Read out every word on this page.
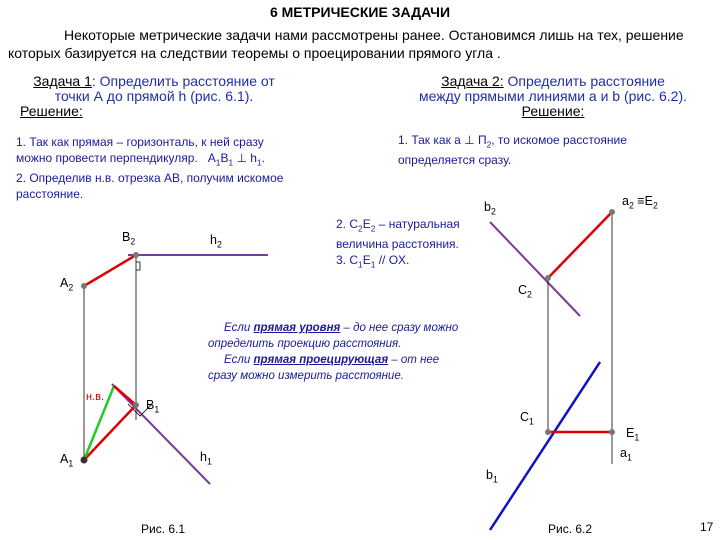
6 МЕТРИЧЕСКИЕ ЗАДАЧИ
Некоторые метрические задачи нами рассмотрены ранее. Остановимся лишь на тех, решение которых базируется на следствии теоремы о проецировании прямого угла .
Задача 1: Определить расстояние от
точки А до прямой h (рис. 6.1).
Решение:
Задача 2: Определить расстояние
между прямыми линиями a и b (рис. 6.2).
Решение:
1. Так как прямая – горизонталь, к ней сразу
можно провести перпендикуляр. $A_1B_1$ ⊥ $h_1$.
2. Определив н.в. отрезка АВ, получим искомое
расстояние.
1. Так как a ⊥ $П_2$, то искомое расстояние
определяется сразу.
2. $C_2E_2$ – натуральная
величина расстояния.
3. $C_1E_1$ // OX.
Если прямая уровня – до нее сразу можно
определить проекцию расстояния.
Если прямая проецирующая – от нее
сразу можно измерить расстояние.
$B_2$	$h_2$
$A_2$
н.в.
$B_1$
$A_1$	$h_1$
Рис. 6.1
$b_2$
$a_2 \equiv E_2$
$C_2$
$C_1$
$E_1$
$a_1$
$b_1$
Рис. 6.2	17
